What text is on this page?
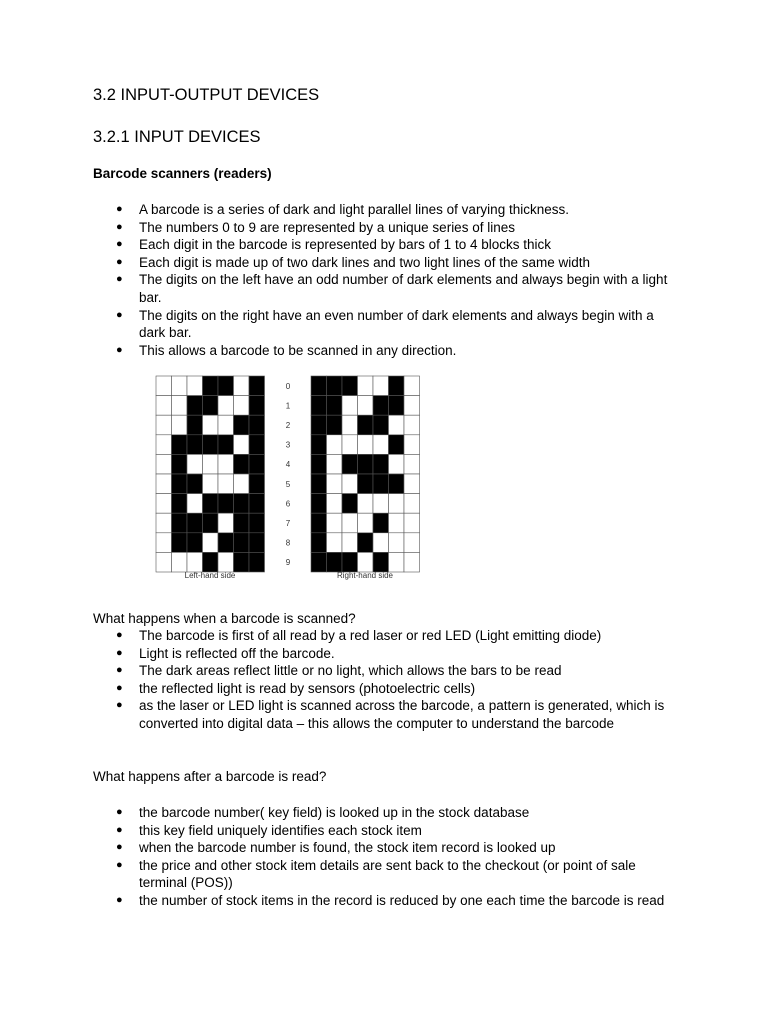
3.2 INPUT-OUTPUT DEVICES
3.2.1 INPUT DEVICES
Barcode scanners (readers)
● A barcode is a series of dark and light parallel lines of varying thickness.
● The numbers 0 to 9 are represented by a unique series of lines
● Each digit in the barcode is represented by bars of 1 to 4 blocks thick
● Each digit is made up of two dark lines and two light lines of the same width
● The digits on the left have an odd number of dark elements and always begin with a light bar.
● The digits on the right have an even number of dark elements and always begin with a dark bar.
● This allows a barcode to be scanned in any direction.
0
1
2
3
4
5
6
7
8
9
Left-hand side	Right-hand side

What happens when a barcode is scanned?

● The barcode is first of all read by a red laser or red LED (Light emitting diode)
● Light is reflected off the barcode.
● The dark areas reflect little or no light, which allows the bars to be read
● the reflected light is read by sensors (photoelectric cells)
● as the laser or LED light is scanned across the barcode, a pattern is generated, which is converted into digital data – this allows the computer to understand the barcode

What happens after a barcode is read?

● the barcode number( key field) is looked up in the stock database
● this key field uniquely identifies each stock item
● when the barcode number is found, the stock item record is looked up
● the price and other stock item details are sent back to the checkout (or point of sale terminal (POS))
● the number of stock items in the record is reduced by one each time the barcode is read
